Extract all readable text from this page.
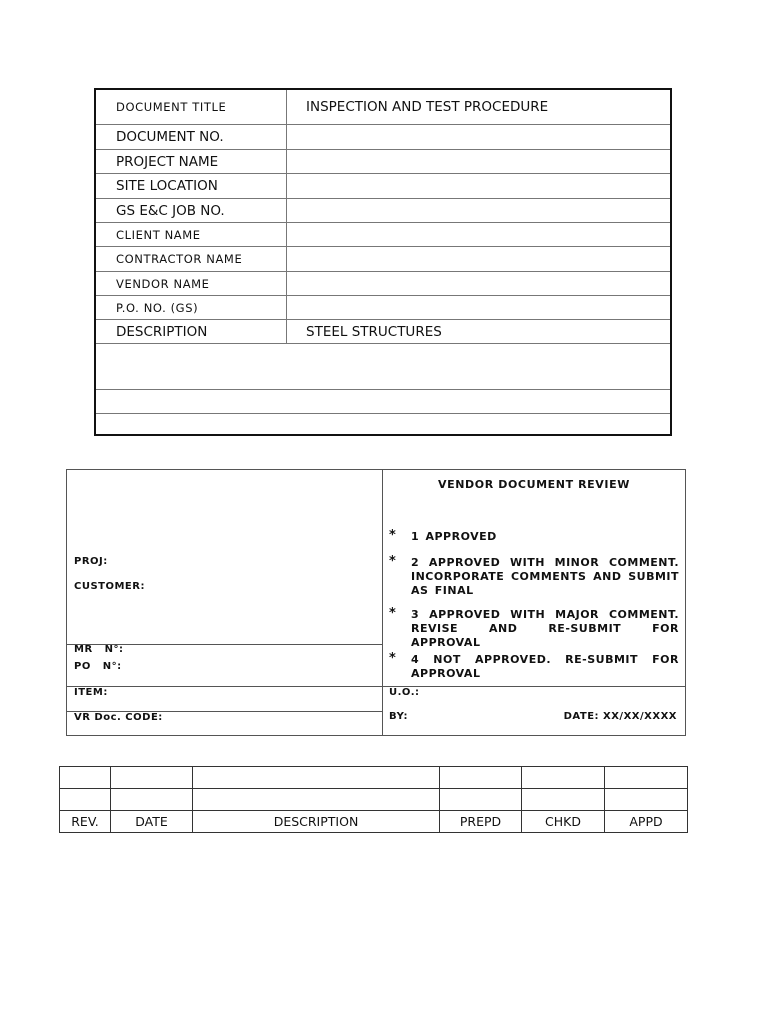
DOCUMENT TITLE	INSPECTION AND TEST PROCEDURE
DOCUMENT NO.
PROJECT NAME
SITE LOCATION
GS E&C JOB NO.
CLIENT NAME
CONTRACTOR NAME
VENDOR NAME
P.O. NO. (GS)
DESCRIPTION	STEEL STRUCTURES
VENDOR DOCUMENT REVIEW
PROJ:
CUSTOMER:
MR   N°:
PO   N°:
ITEM:
VR Doc. CODE:
U.O.:
BY:	DATE: XX/XX/XXXX
*	1 APPROVED
*	2 APPROVED WITH MINOR COMMENT. INCORPORATE COMMENTS AND SUBMIT AS FINAL
*	3 APPROVED WITH MAJOR COMMENT. REVISE AND RE-SUBMIT FOR APPROVAL
*	4 NOT APPROVED. RE-SUBMIT FOR APPROVAL

REV.	DATE	DESCRIPTION	PREPD	CHKD	APPD
